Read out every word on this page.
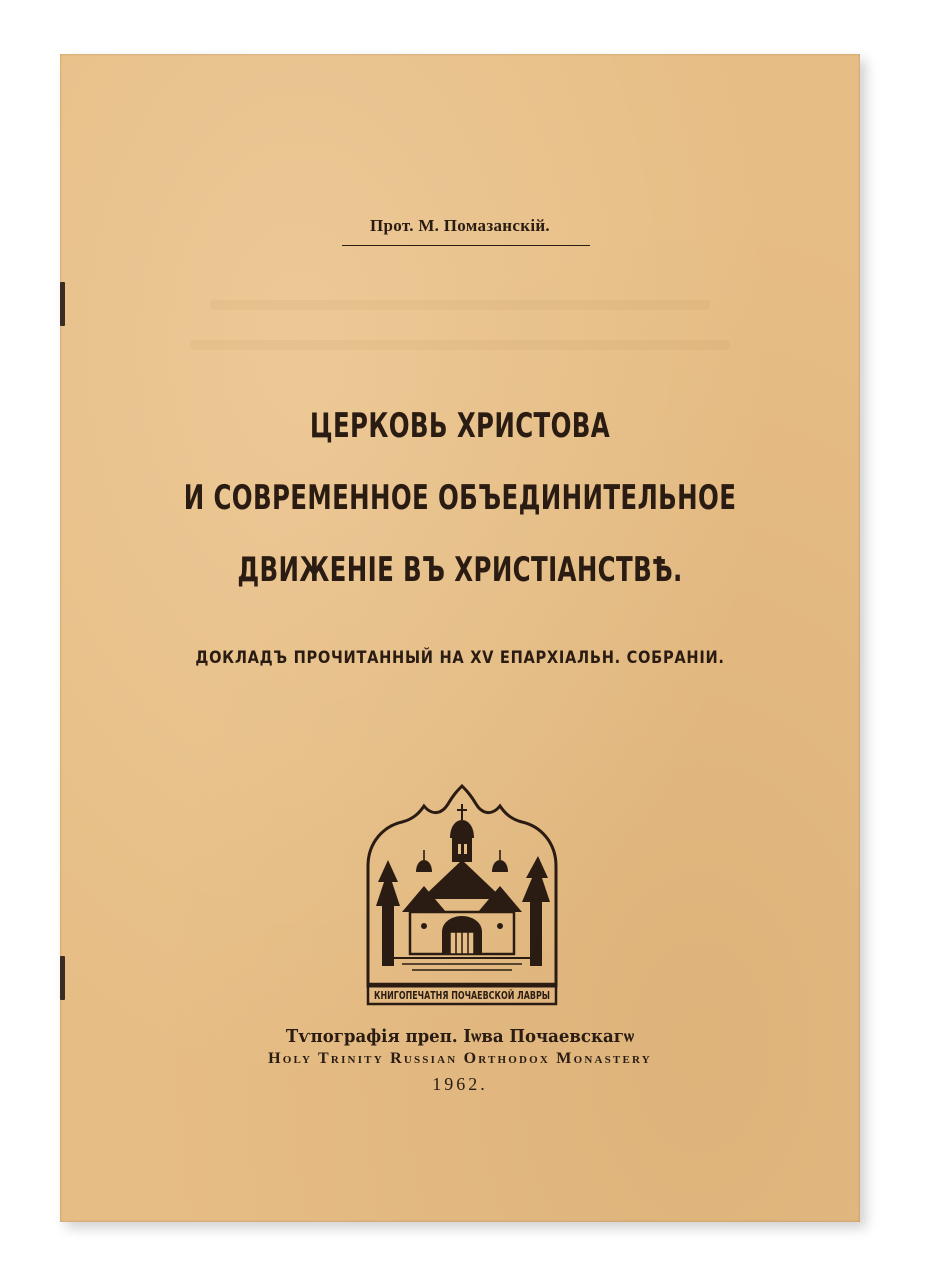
Прот. М. Помазанскій.
ЦЕРКОВЬ ХРИСТОВА
И СОВРЕМЕННОЕ ОБЪЕДИНИТЕЛЬНОЕ
ДВИЖЕНІЕ ВЪ ХРИСТІАНСТВѢ.
ДОКЛАДЪ ПРОЧИТАННЫЙ НА XV ЕПАРХІАЛЬН. СОБРАНІИ.
КНИГОПЕЧАТНЯ ПОЧАЕВСКОЙ ЛАВРЫ
Тѵпографія преп. Іѡва Почаевскагѡ
Holy Trinity Russian Orthodox Monastery
1962.
